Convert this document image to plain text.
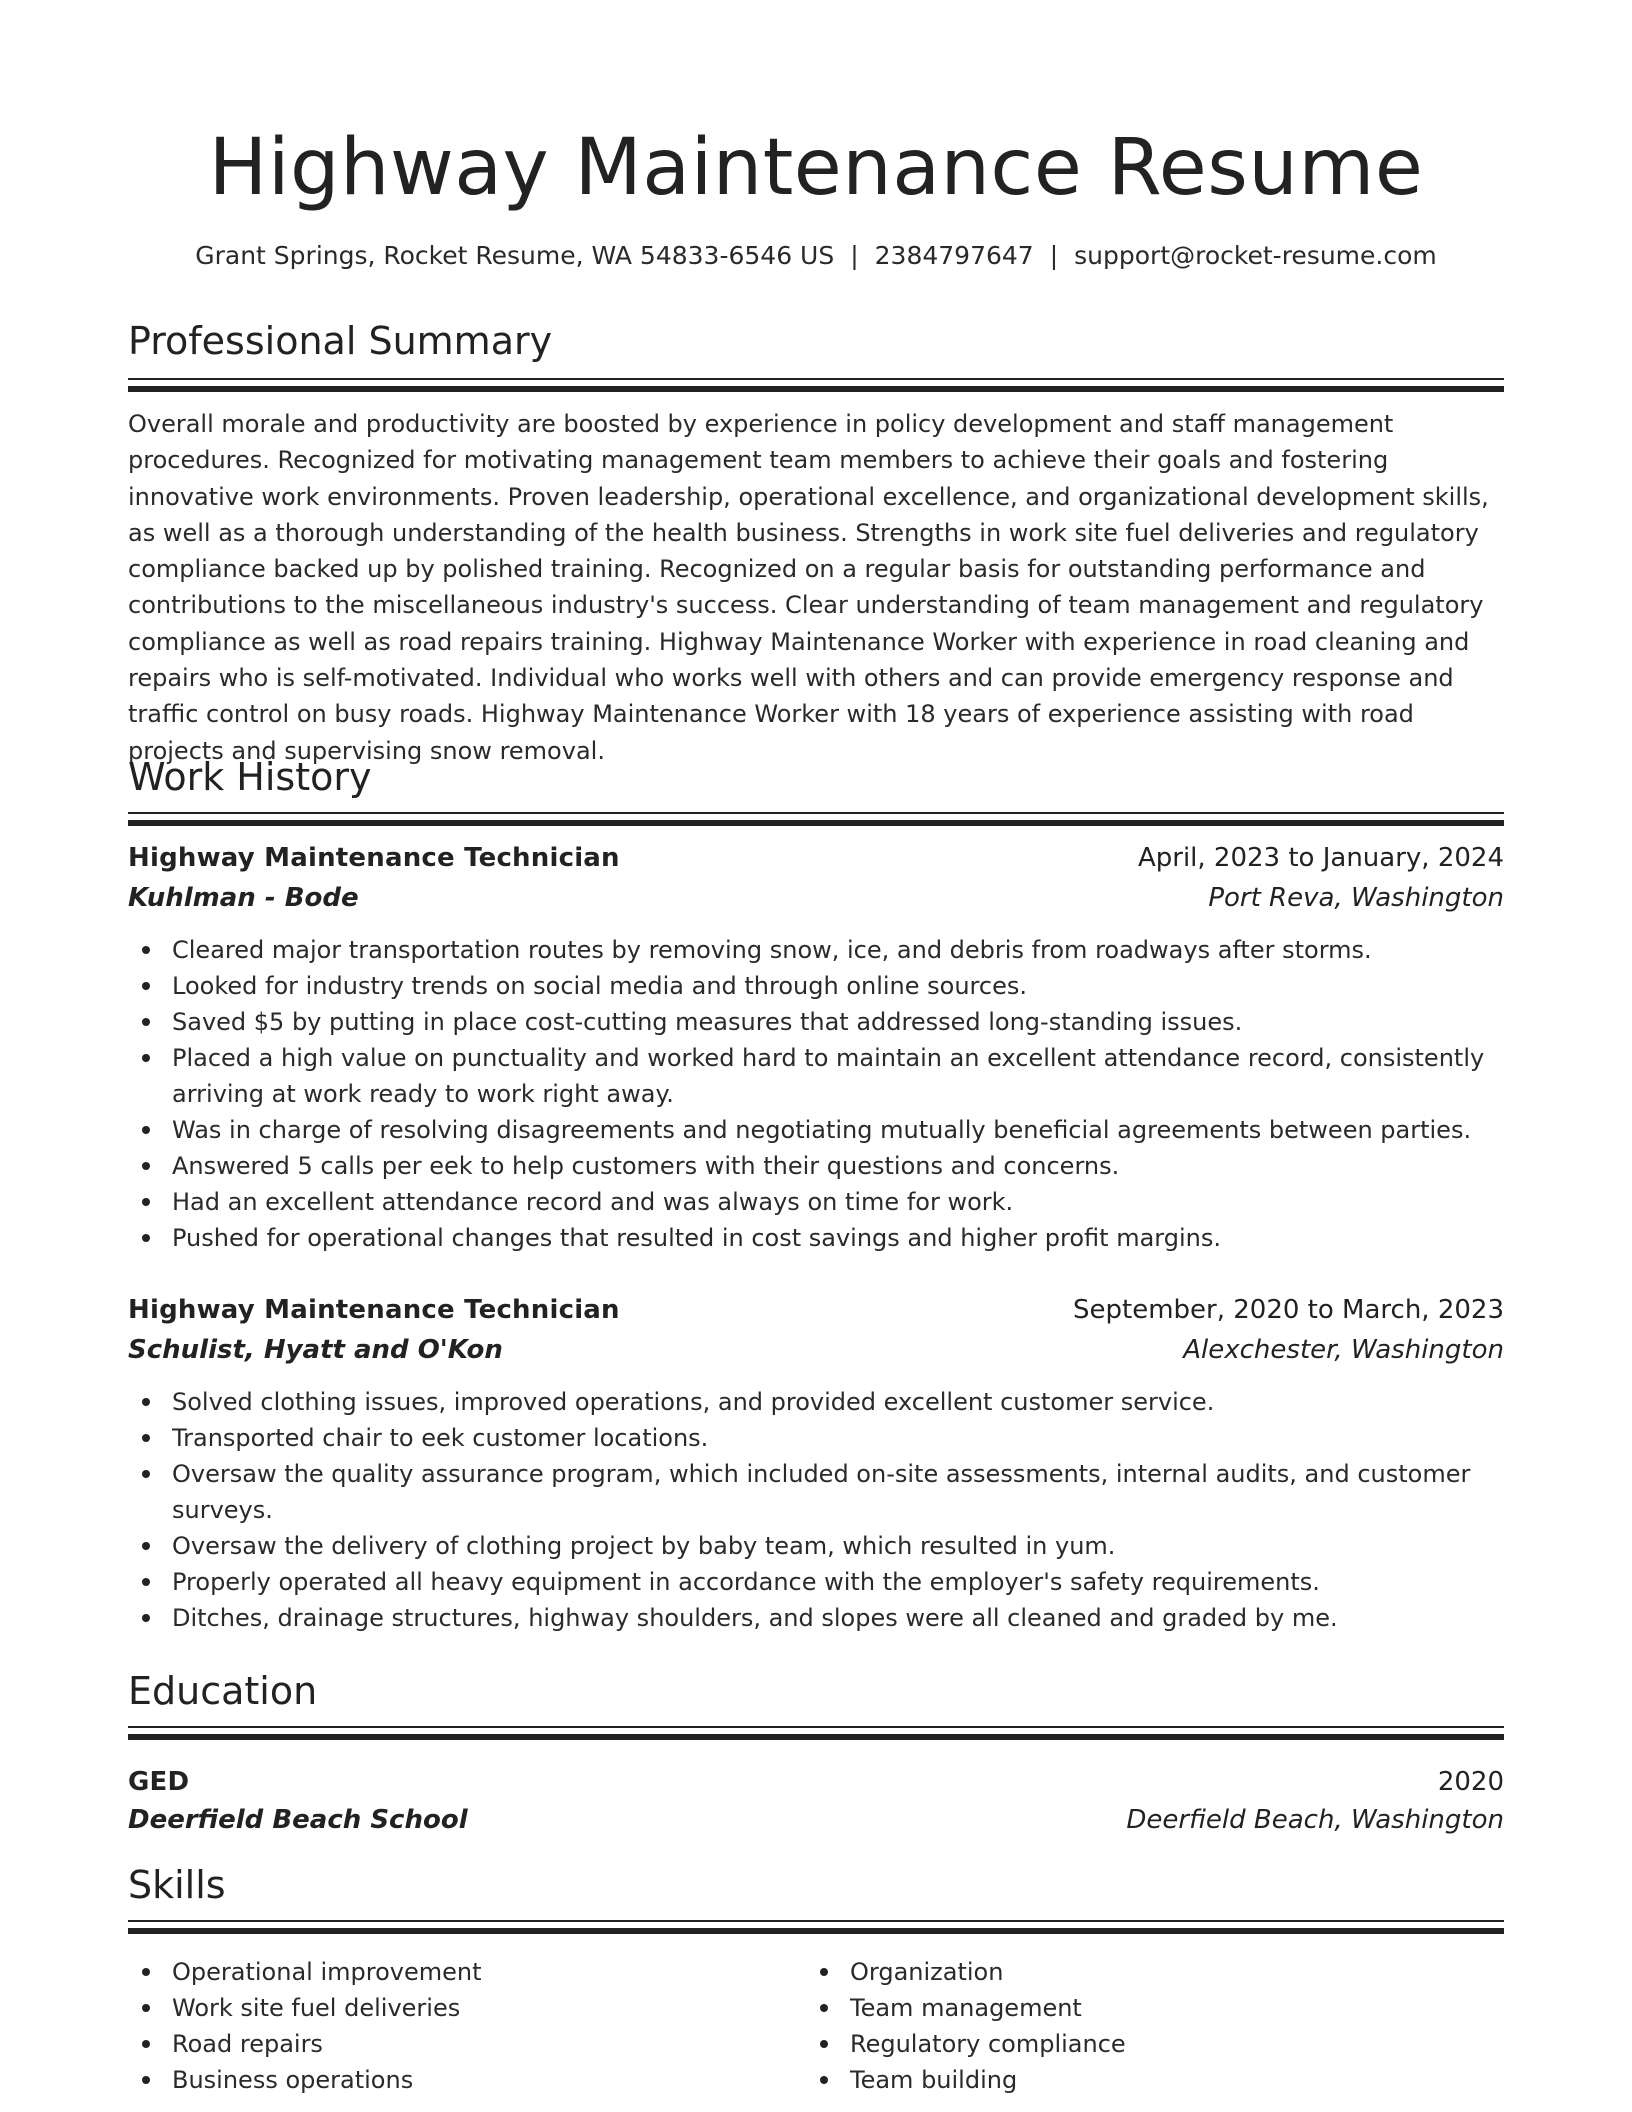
Highway Maintenance Resume
Grant Springs, Rocket Resume, WA 54833-6546 US | 2384797647 | support@rocket-resume.com
Professional Summary
Overall morale and productivity are boosted by experience in policy development and staff management procedures. Recognized for motivating management team members to achieve their goals and fostering innovative work environments. Proven leadership, operational excellence, and organizational development skills, as well as a thorough understanding of the health business. Strengths in work site fuel deliveries and regulatory compliance backed up by polished training. Recognized on a regular basis for outstanding performance and contributions to the miscellaneous industry's success. Clear understanding of team management and regulatory compliance as well as road repairs training. Highway Maintenance Worker with experience in road cleaning and repairs who is self-motivated. Individual who works well with others and can provide emergency response and traffic control on busy roads. Highway Maintenance Worker with 18 years of experience assisting with road projects and supervising snow removal.
Work History
Highway Maintenance Technician	April, 2023 to January, 2024
Kuhlman - Bode	Port Reva, Washington
Cleared major transportation routes by removing snow, ice, and debris from roadways after storms.
Looked for industry trends on social media and through online sources.
Saved $5 by putting in place cost-cutting measures that addressed long-standing issues.
Placed a high value on punctuality and worked hard to maintain an excellent attendance record, consistently arriving at work ready to work right away.
Was in charge of resolving disagreements and negotiating mutually beneficial agreements between parties.
Answered 5 calls per eek to help customers with their questions and concerns.
Had an excellent attendance record and was always on time for work.
Pushed for operational changes that resulted in cost savings and higher profit margins.
Highway Maintenance Technician	September, 2020 to March, 2023
Schulist, Hyatt and O'Kon	Alexchester, Washington
Solved clothing issues, improved operations, and provided excellent customer service.
Transported chair to eek customer locations.
Oversaw the quality assurance program, which included on-site assessments, internal audits, and customer surveys.
Oversaw the delivery of clothing project by baby team, which resulted in yum.
Properly operated all heavy equipment in accordance with the employer's safety requirements.
Ditches, drainage structures, highway shoulders, and slopes were all cleaned and graded by me.
Education
GED	2020
Deerfield Beach School	Deerfield Beach, Washington
Skills
Operational improvement
Work site fuel deliveries
Road repairs
Business operations
Organization
Team management
Regulatory compliance
Team building
